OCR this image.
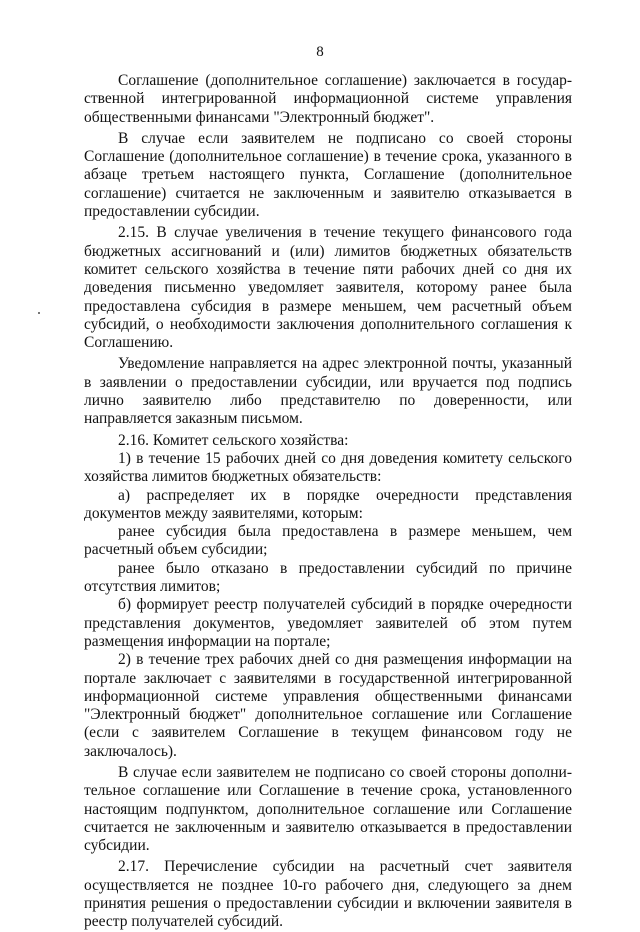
8

Соглашение (дополнительное соглашение) заключается в государственной интегрированной информационной системе управления общественными финансами "Электронный бюджет".

В случае если заявителем не подписано со своей стороны Соглашение (дополнительное соглашение) в течение срока, указанного в абзаце третьем настоящего пункта, Соглашение (дополнительное соглашение) считается не заключенным и заявителю отказывается в предоставлении субсидии.

2.15. В случае увеличения в течение текущего финансового года бюджетных ассигнований и (или) лимитов бюджетных обязательств комитет сельского хозяйства в течение пяти рабочих дней со дня их доведения письменно уведомляет заявителя, которому ранее была предоставлена субсидия в размере меньшем, чем расчетный объем субсидий, о необходимости заключения дополнительного соглашения к Соглашению.

Уведомление направляется на адрес электронной почты, указанный в заявлении о предоставлении субсидии, или вручается под подпись лично заявителю либо представителю по доверенности, или направляется заказным письмом.

2.16. Комитет сельского хозяйства:

1) в течение 15 рабочих дней со дня доведения комитету сельского хозяйства лимитов бюджетных обязательств:

а) распределяет их в порядке очередности представления документов между заявителями, которым:

ранее субсидия была предоставлена в размере меньшем, чем расчетный объем субсидии;

ранее было отказано в предоставлении субсидий по причине отсутствия лимитов;

б) формирует реестр получателей субсидий в порядке очередности представления документов, уведомляет заявителей об этом путем размещения информации на портале;

2) в течение трех рабочих дней со дня размещения информации на портале заключает с заявителями в государственной интегрированной информационной системе управления общественными финансами "Электронный бюджет" дополнительное соглашение или Соглашение (если с заявителем Соглашение в текущем финансовом году не заключалось).

В случае если заявителем не подписано со своей стороны дополнительное соглашение или Соглашение в течение срока, установленного настоящим подпунктом, дополнительное соглашение или Соглашение считается не заключенным и заявителю отказывается в предоставлении субсидии.

2.17. Перечисление субсидии на расчетный счет заявителя осуществляется не позднее 10-го рабочего дня, следующего за днем принятия решения о предоставлении субсидии и включении заявителя в реестр получателей субсидий.
